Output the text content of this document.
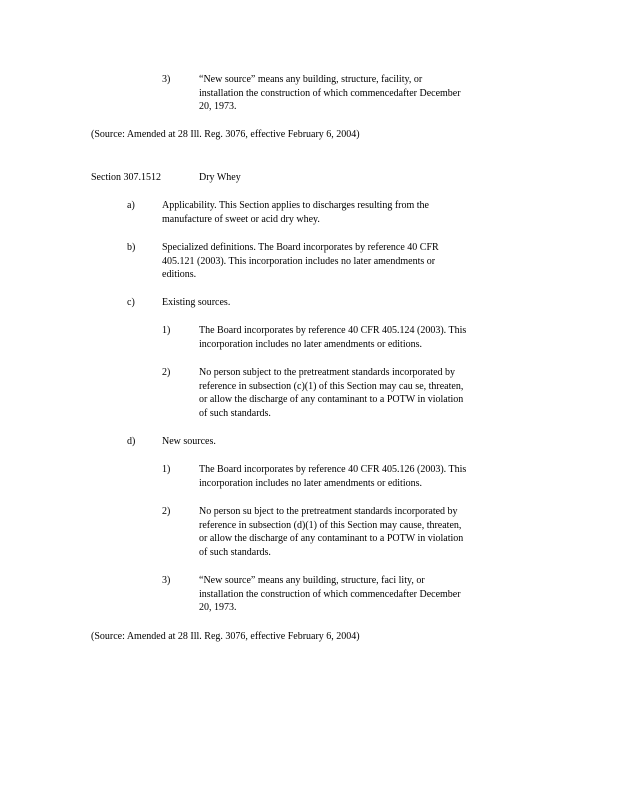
3)	“New source” means any building, structure, facility, or
installation the construction of which commencedafter December
20, 1973.
(Source: Amended at 28 Ill. Reg. 3076, effective February 6, 2004)
Section 307.1512	Dry Whey
a)	Applicability. This Section applies to discharges resulting from the
manufacture of sweet or acid dry whey.
b)	Specialized definitions. The Board incorporates by reference 40 CFR
405.121 (2003). This incorporation includes no later amendments or
editions.
c)	Existing sources.
1)	The Board incorporates by reference 40 CFR 405.124 (2003). This
incorporation includes no later amendments or editions.
2)	No person subject to the pretreatment standards incorporated by
reference in subsection (c)(1) of this Section may cau se, threaten,
or allow the discharge of any contaminant to a POTW in violation
of such standards.
d)	New sources.
1)	The Board incorporates by reference 40 CFR 405.126 (2003). This
incorporation includes no later amendments or editions.
2)	No person su bject to the pretreatment standards incorporated by
reference in subsection (d)(1) of this Section may cause, threaten,
or allow the discharge of any contaminant to a POTW in violation
of such standards.
3)	“New source” means any building, structure, faci lity, or
installation the construction of which commencedafter December
20, 1973.
(Source: Amended at 28 Ill. Reg. 3076, effective February 6, 2004)
